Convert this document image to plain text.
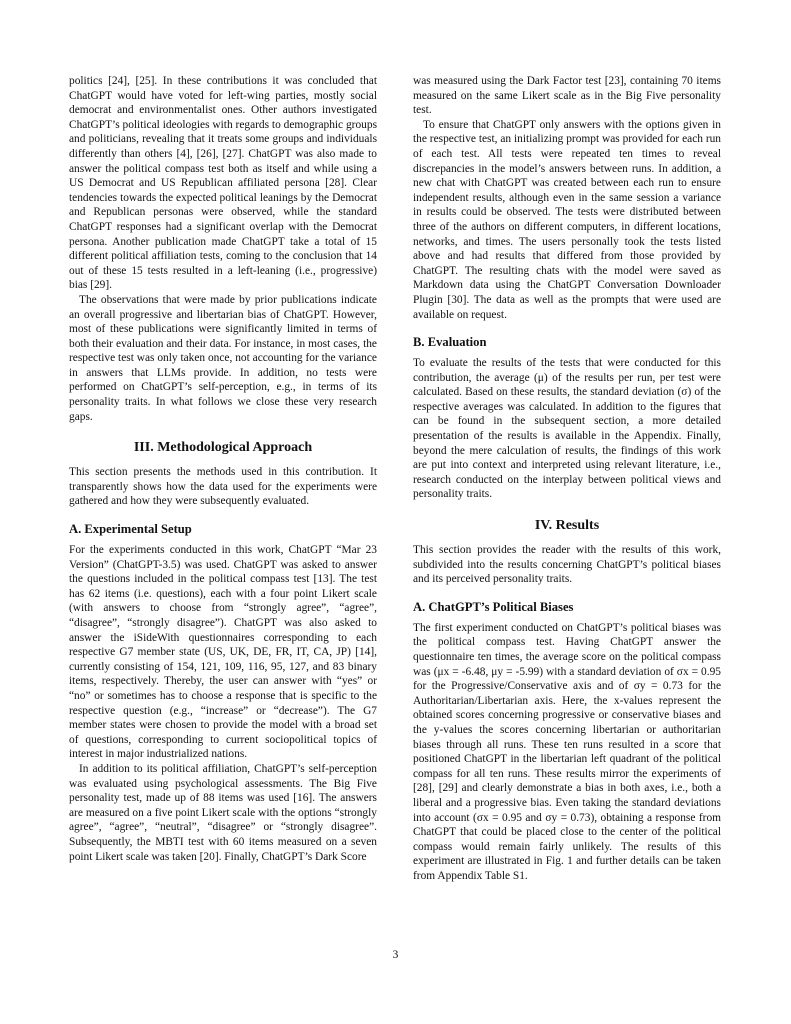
politics [24], [25]. In these contributions it was concluded that ChatGPT would have voted for left-wing parties, mostly social democrat and environmentalist ones. Other authors investigated ChatGPT’s political ideologies with regards to demographic groups and politicians, revealing that it treats some groups and individuals differently than others [4], [26], [27]. ChatGPT was also made to answer the political compass test both as itself and while using a US Democrat and US Republican affiliated persona [28]. Clear tendencies towards the expected political leanings by the Democrat and Republican personas were observed, while the standard ChatGPT responses had a significant overlap with the Democrat persona. Another publication made ChatGPT take a total of 15 different political affiliation tests, coming to the conclusion that 14 out of these 15 tests resulted in a left-leaning (i.e., progressive) bias [29].

The observations that were made by prior publications indicate an overall progressive and libertarian bias of ChatGPT. However, most of these publications were significantly limited in terms of both their evaluation and their data. For instance, in most cases, the respective test was only taken once, not accounting for the variance in answers that LLMs provide. In addition, no tests were performed on ChatGPT’s self-perception, e.g., in terms of its personality traits. In what follows we close these very research gaps.

III. Methodological Approach

This section presents the methods used in this contribution. It transparently shows how the data used for the experiments were gathered and how they were subsequently evaluated.

A. Experimental Setup

For the experiments conducted in this work, ChatGPT “Mar 23 Version” (ChatGPT-3.5) was used. ChatGPT was asked to answer the questions included in the political compass test [13]. The test has 62 items (i.e. questions), each with a four point Likert scale (with answers to choose from “strongly agree”, “agree”, “disagree”, “strongly disagree”). ChatGPT was also asked to answer the iSideWith questionnaires corresponding to each respective G7 member state (US, UK, DE, FR, IT, CA, JP) [14], currently consisting of 154, 121, 109, 116, 95, 127, and 83 binary items, respectively. Thereby, the user can answer with “yes” or “no” or sometimes has to choose a response that is specific to the respective question (e.g., “increase” or “decrease”). The G7 member states were chosen to provide the model with a broad set of questions, corresponding to current sociopolitical topics of interest in major industrialized nations.

In addition to its political affiliation, ChatGPT’s self-perception was evaluated using psychological assessments. The Big Five personality test, made up of 88 items was used [16]. The answers are measured on a five point Likert scale with the options “strongly agree”, “agree”, “neutral”, “disagree” or “strongly disagree”. Subsequently, the MBTI test with 60 items measured on a seven point Likert scale was taken [20]. Finally, ChatGPT’s Dark Score

was measured using the Dark Factor test [23], containing 70 items measured on the same Likert scale as in the Big Five personality test.

To ensure that ChatGPT only answers with the options given in the respective test, an initializing prompt was provided for each run of each test. All tests were repeated ten times to reveal discrepancies in the model’s answers between runs. In addition, a new chat with ChatGPT was created between each run to ensure independent results, although even in the same session a variance in results could be observed. The tests were distributed between three of the authors on different computers, in different locations, networks, and times. The users personally took the tests listed above and had results that differed from those provided by ChatGPT. The resulting chats with the model were saved as Markdown data using the ChatGPT Conversation Downloader Plugin [30]. The data as well as the prompts that were used are available on request.

B. Evaluation

To evaluate the results of the tests that were conducted for this contribution, the average (μ) of the results per run, per test were calculated. Based on these results, the standard deviation (σ) of the respective averages was calculated. In addition to the figures that can be found in the subsequent section, a more detailed presentation of the results is available in the Appendix. Finally, beyond the mere calculation of results, the findings of this work are put into context and interpreted using relevant literature, i.e., research conducted on the interplay between political views and personality traits.

IV. Results

This section provides the reader with the results of this work, subdivided into the results concerning ChatGPT’s political biases and its perceived personality traits.

A. ChatGPT’s Political Biases

The first experiment conducted on ChatGPT’s political biases was the political compass test. Having ChatGPT answer the questionnaire ten times, the average score on the political compass was (μx = -6.48, μy = -5.99) with a standard deviation of σx = 0.95 for the Progressive/Conservative axis and of σy = 0.73 for the Authoritarian/Libertarian axis. Here, the x-values represent the obtained scores concerning progressive or conservative biases and the y-values the scores concerning libertarian or authoritarian biases through all runs. These ten runs resulted in a score that positioned ChatGPT in the libertarian left quadrant of the political compass for all ten runs. These results mirror the experiments of [28], [29] and clearly demonstrate a bias in both axes, i.e., both a liberal and a progressive bias. Even taking the standard deviations into account (σx = 0.95 and σy = 0.73), obtaining a response from ChatGPT that could be placed close to the center of the political compass would remain fairly unlikely. The results of this experiment are illustrated in Fig. 1 and further details can be taken from Appendix Table S1.

3
